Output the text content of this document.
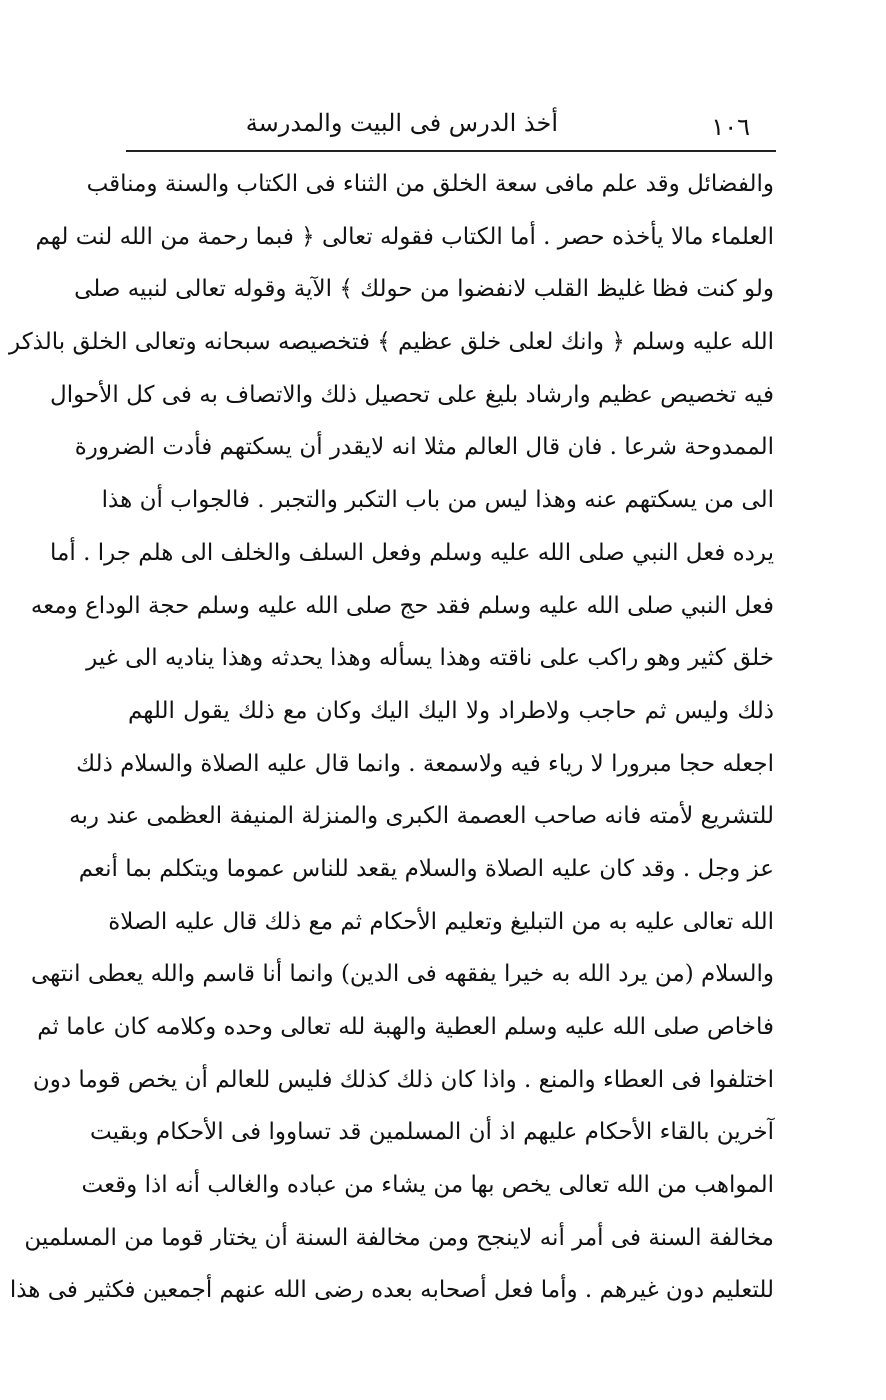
١٠٦
أخذ الدرس فى البيت والمدرسة
والفضائل وقد علم مافى سعة الخلق من الثناء فى الكتاب والسنة ومناقب
العلماء مالا يأخذه حصر . أما الكتاب فقوله تعالى ﴿ فبما رحمة من الله لنت لهم
ولو كنت فظا غليظ القلب لانفضوا من حولك ﴾ الآية وقوله تعالى لنبيه صلى
الله عليه وسلم ﴿ وانك لعلى خلق عظيم ﴾ فتخصيصه سبحانه وتعالى الخلق بالذكر
فيه تخصيص عظيم وارشاد بليغ على تحصيل ذلك والاتصاف به فى كل الأحوال
الممدوحة شرعا . فان قال العالم مثلا انه لايقدر أن يسكتهم فأدت الضرورة
الى من يسكتهم عنه وهذا ليس من باب التكبر والتجبر . فالجواب أن هذا
يرده فعل النبي صلى الله عليه وسلم وفعل السلف والخلف الى هلم جرا . أما
فعل النبي صلى الله عليه وسلم فقد حج صلى الله عليه وسلم حجة الوداع ومعه
خلق كثير وهو راكب على ناقته وهذا يسأله وهذا يحدثه وهذا يناديه الى غير
ذلك وليس ثم حاجب ولاطراد ولا اليك اليك وكان مع ذلك يقول اللهم
اجعله حجا مبرورا لا رياء فيه ولاسمعة . وانما قال عليه الصلاة والسلام ذلك
للتشريع لأمته فانه صاحب العصمة الكبرى والمنزلة المنيفة العظمى عند ربه
عز وجل . وقد كان عليه الصلاة والسلام يقعد للناس عموما ويتكلم بما أنعم
الله تعالى عليه به من التبليغ وتعليم الأحكام ثم مع ذلك قال عليه الصلاة
والسلام (من يرد الله به خيرا يفقهه فى الدين) وانما أنا قاسم والله يعطى انتهى
فاخاص صلى الله عليه وسلم العطية والهبة لله تعالى وحده وكلامه كان عاما ثم
اختلفوا فى العطاء والمنع . واذا كان ذلك كذلك فليس للعالم أن يخص قوما دون
آخرين بالقاء الأحكام عليهم اذ أن المسلمين قد تساووا فى الأحكام وبقيت
المواهب من الله تعالى يخص بها من يشاء من عباده والغالب أنه اذا وقعت
مخالفة السنة فى أمر أنه لاينجح ومن مخالفة السنة أن يختار قوما من المسلمين
للتعليم دون غيرهم . وأما فعل أصحابه بعده رضى الله عنهم أجمعين فكثير فى هذا
